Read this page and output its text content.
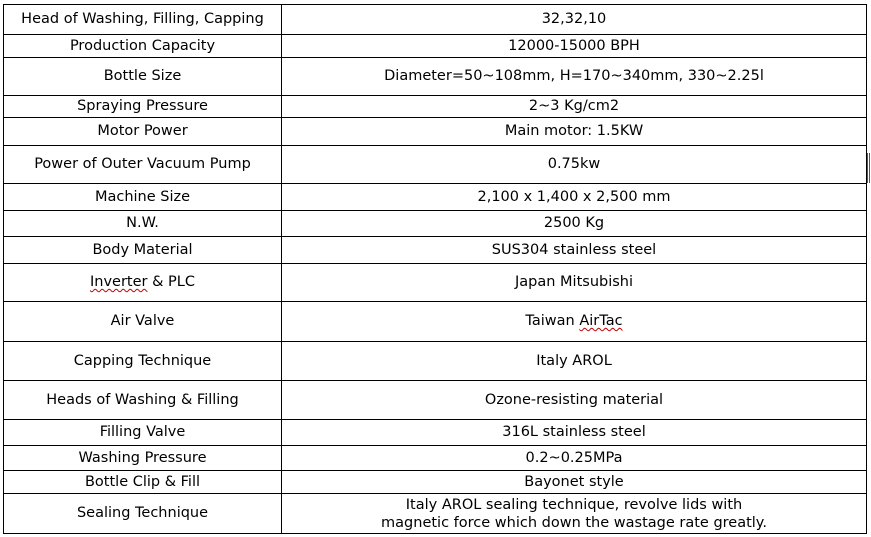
Head of Washing, Filling, Capping	32,32,10
Production Capacity	12000-15000 BPH
Bottle Size	Diameter=50~108mm, H=170~340mm, 330~2.25l
Spraying Pressure	2~3 Kg/cm2
Motor Power	Main motor: 1.5KW
Power of Outer Vacuum Pump	0.75kw
Machine Size	2,100 x 1,400 x 2,500 mm
N.W.	2500 Kg
Body Material	SUS304 stainless steel
Inverter & PLC	Japan Mitsubishi
Air Valve	Taiwan AirTac
Capping Technique	Italy AROL
Heads of Washing & Filling	Ozone-resisting material
Filling Valve	316L stainless steel
Washing Pressure	0.2~0.25MPa
Bottle Clip & Fill	Bayonet style
Sealing Technique	Italy AROL sealing technique, revolve lids with
magnetic force which down the wastage rate greatly.
